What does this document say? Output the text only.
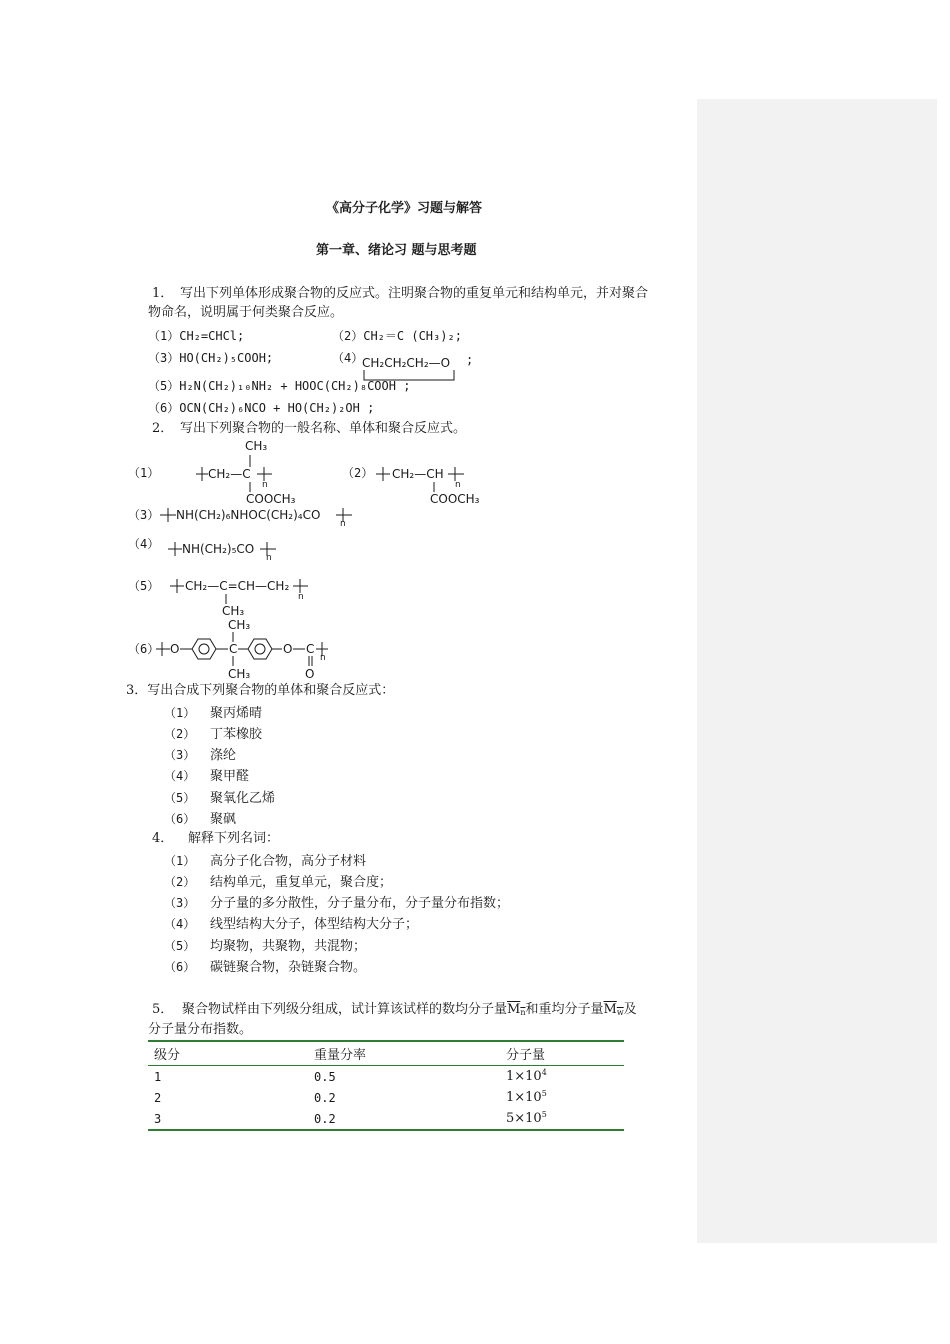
《高分子化学》习题与解答
第一章、绪论习 题与思考题
1． 写出下列单体形成聚合物的反应式。注明聚合物的重复单元和结构单元，并对聚合
物命名，说明属于何类聚合反应。
（1）CH₂=CHCl;	（2）CH₂＝C (CH₃)₂;
（3）HO(CH₂)₅COOH;	（4）
CH₂CH₂CH₂—O ;
（5）H₂N(CH₂)₁₀NH₂ + HOOC(CH₂)₈COOH ;
（6）OCN(CH₂)₆NCO + HO(CH₂)₂OH ;
2． 写出下列聚合物的一般名称、单体和聚合反应式。
（1）	（2）
（3）
（4）
（5）
（6）
CH₂—C
CH₃
COOCH₃
n
CH₂—CH
COOCH₃
n
NH(CH₂)₆NHOC(CH₂)₄CO
n
NH(CH₂)₅CO
n
CH₂—C=CH—CH₂
CH₃
n
O	C
CH₃
CH₃
O C
O
n
3．写出合成下列聚合物的单体和聚合反应式：
（1） 聚丙烯晴
（2） 丁苯橡胶
（3） 涤纶
（4） 聚甲醛
（5） 聚氧化乙烯
（6） 聚砜
4． 解释下列名词：
（1） 高分子化合物，高分子材料
（2） 结构单元，重复单元，聚合度；
（3） 分子量的多分散性，分子量分布，分子量分布指数；
（4） 线型结构大分子，体型结构大分子；
（5） 均聚物，共聚物，共混物；
（6） 碳链聚合物，杂链聚合物。
5． 聚合物试样由下列级分组成，试计算该试样的数均分子量$M_n$和重均分子量$M_w$及
分子量分布指数。
级分	重量分率	分子量
1	0.5	$1\times 10^4$
2	0.2	$1\times 10^5$
3	0.2	$5\times 10^5$
